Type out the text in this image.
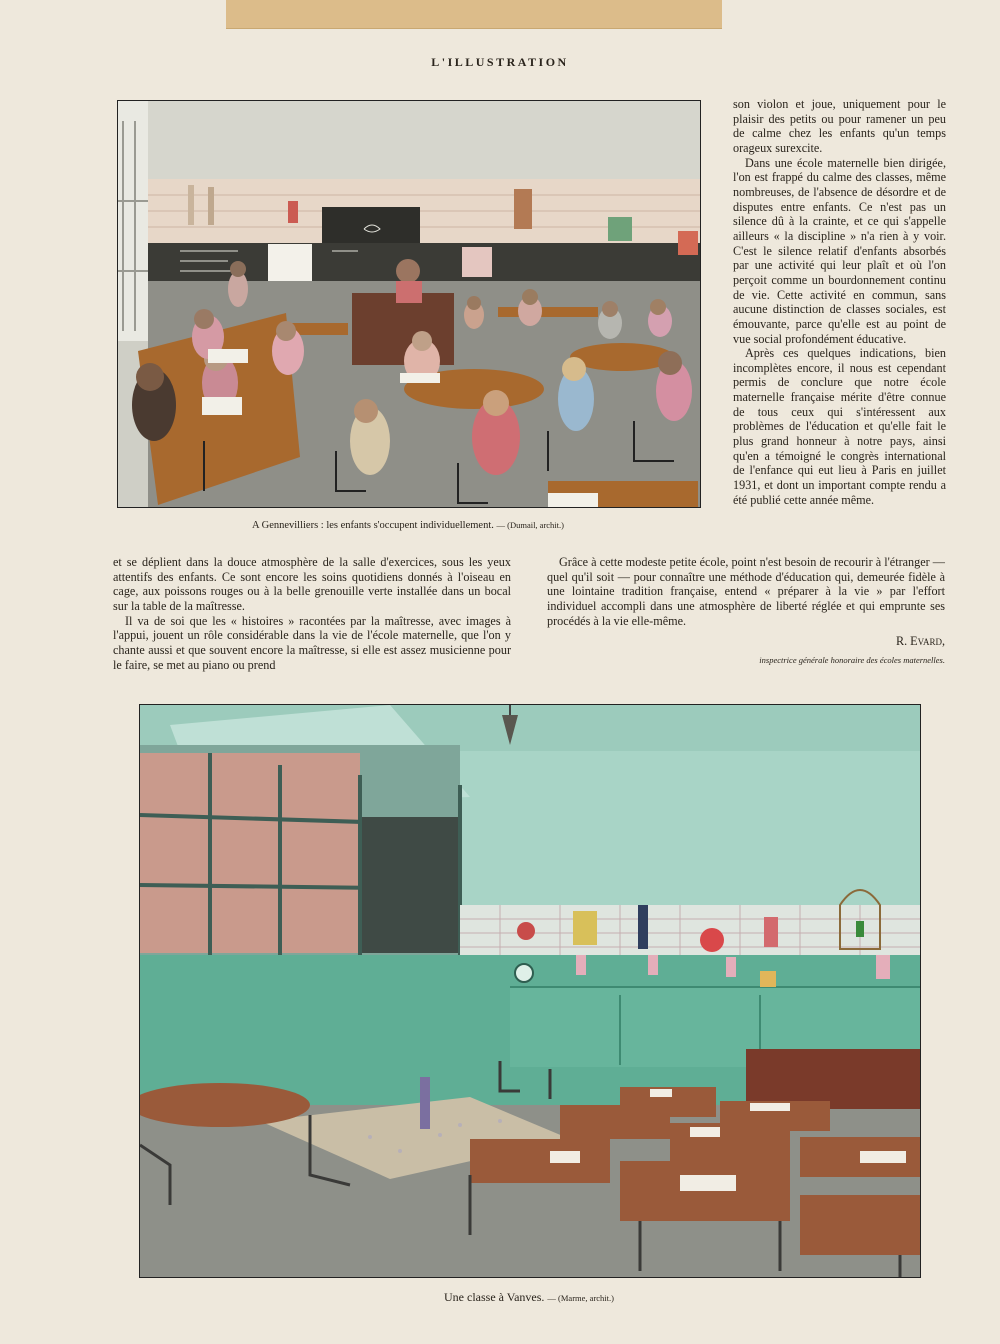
L'ILLUSTRATION
A Gennevilliers : les enfants s'occupent individuellement. — (Dumail, archit.)

son violon et joue, uniquement pour le plaisir des petits ou pour ramener un peu de calme chez les enfants qu'un temps orageux surexcite.

Dans une école maternelle bien dirigée, l'on est frappé du calme des classes, même nombreuses, de l'absence de désordre et de disputes entre enfants. Ce n'est pas un silence dû à la crainte, et ce qui s'appelle ailleurs « la discipline » n'a rien à y voir. C'est le silence relatif d'enfants absorbés par une activité qui leur plaît et où l'on perçoit comme un bourdonnement continu de vie. Cette activité en commun, sans aucune distinction de classes sociales, est émouvante, parce qu'elle est au point de vue social profondément éducative.

Après ces quelques indications, bien incomplètes encore, il nous est cependant permis de conclure que notre école maternelle française mérite d'être connue de tous ceux qui s'intéressent aux problèmes de l'éducation et qu'elle fait le plus grand honneur à notre pays, ainsi qu'en a témoigné le congrès international de l'enfance qui eut lieu à Paris en juillet 1931, et dont un important compte rendu a été publié cette année même.

et se déplient dans la douce atmosphère de la salle d'exercices, sous les yeux attentifs des enfants. Ce sont encore les soins quotidiens donnés à l'oiseau en cage, aux poissons rouges ou à la belle grenouille verte installée dans un bocal sur la table de la maîtresse.

Il va de soi que les « histoires » racontées par la maîtresse, avec images à l'appui, jouent un rôle considérable dans la vie de l'école maternelle, que l'on y chante aussi et que souvent encore la maîtresse, si elle est assez musicienne pour le faire, se met au piano ou prend

Grâce à cette modeste petite école, point n'est besoin de recourir à l'étranger — quel qu'il soit — pour connaître une méthode d'éducation qui, demeurée fidèle à une lointaine tradition française, entend « préparer à la vie » par l'effort individuel accompli dans une atmosphère de liberté réglée et qui emprunte ses procédés à la vie elle-même.

R. Evard,
inspectrice générale honoraire des écoles maternelles.
Une classe à Vanves. — (Marme, archit.)
